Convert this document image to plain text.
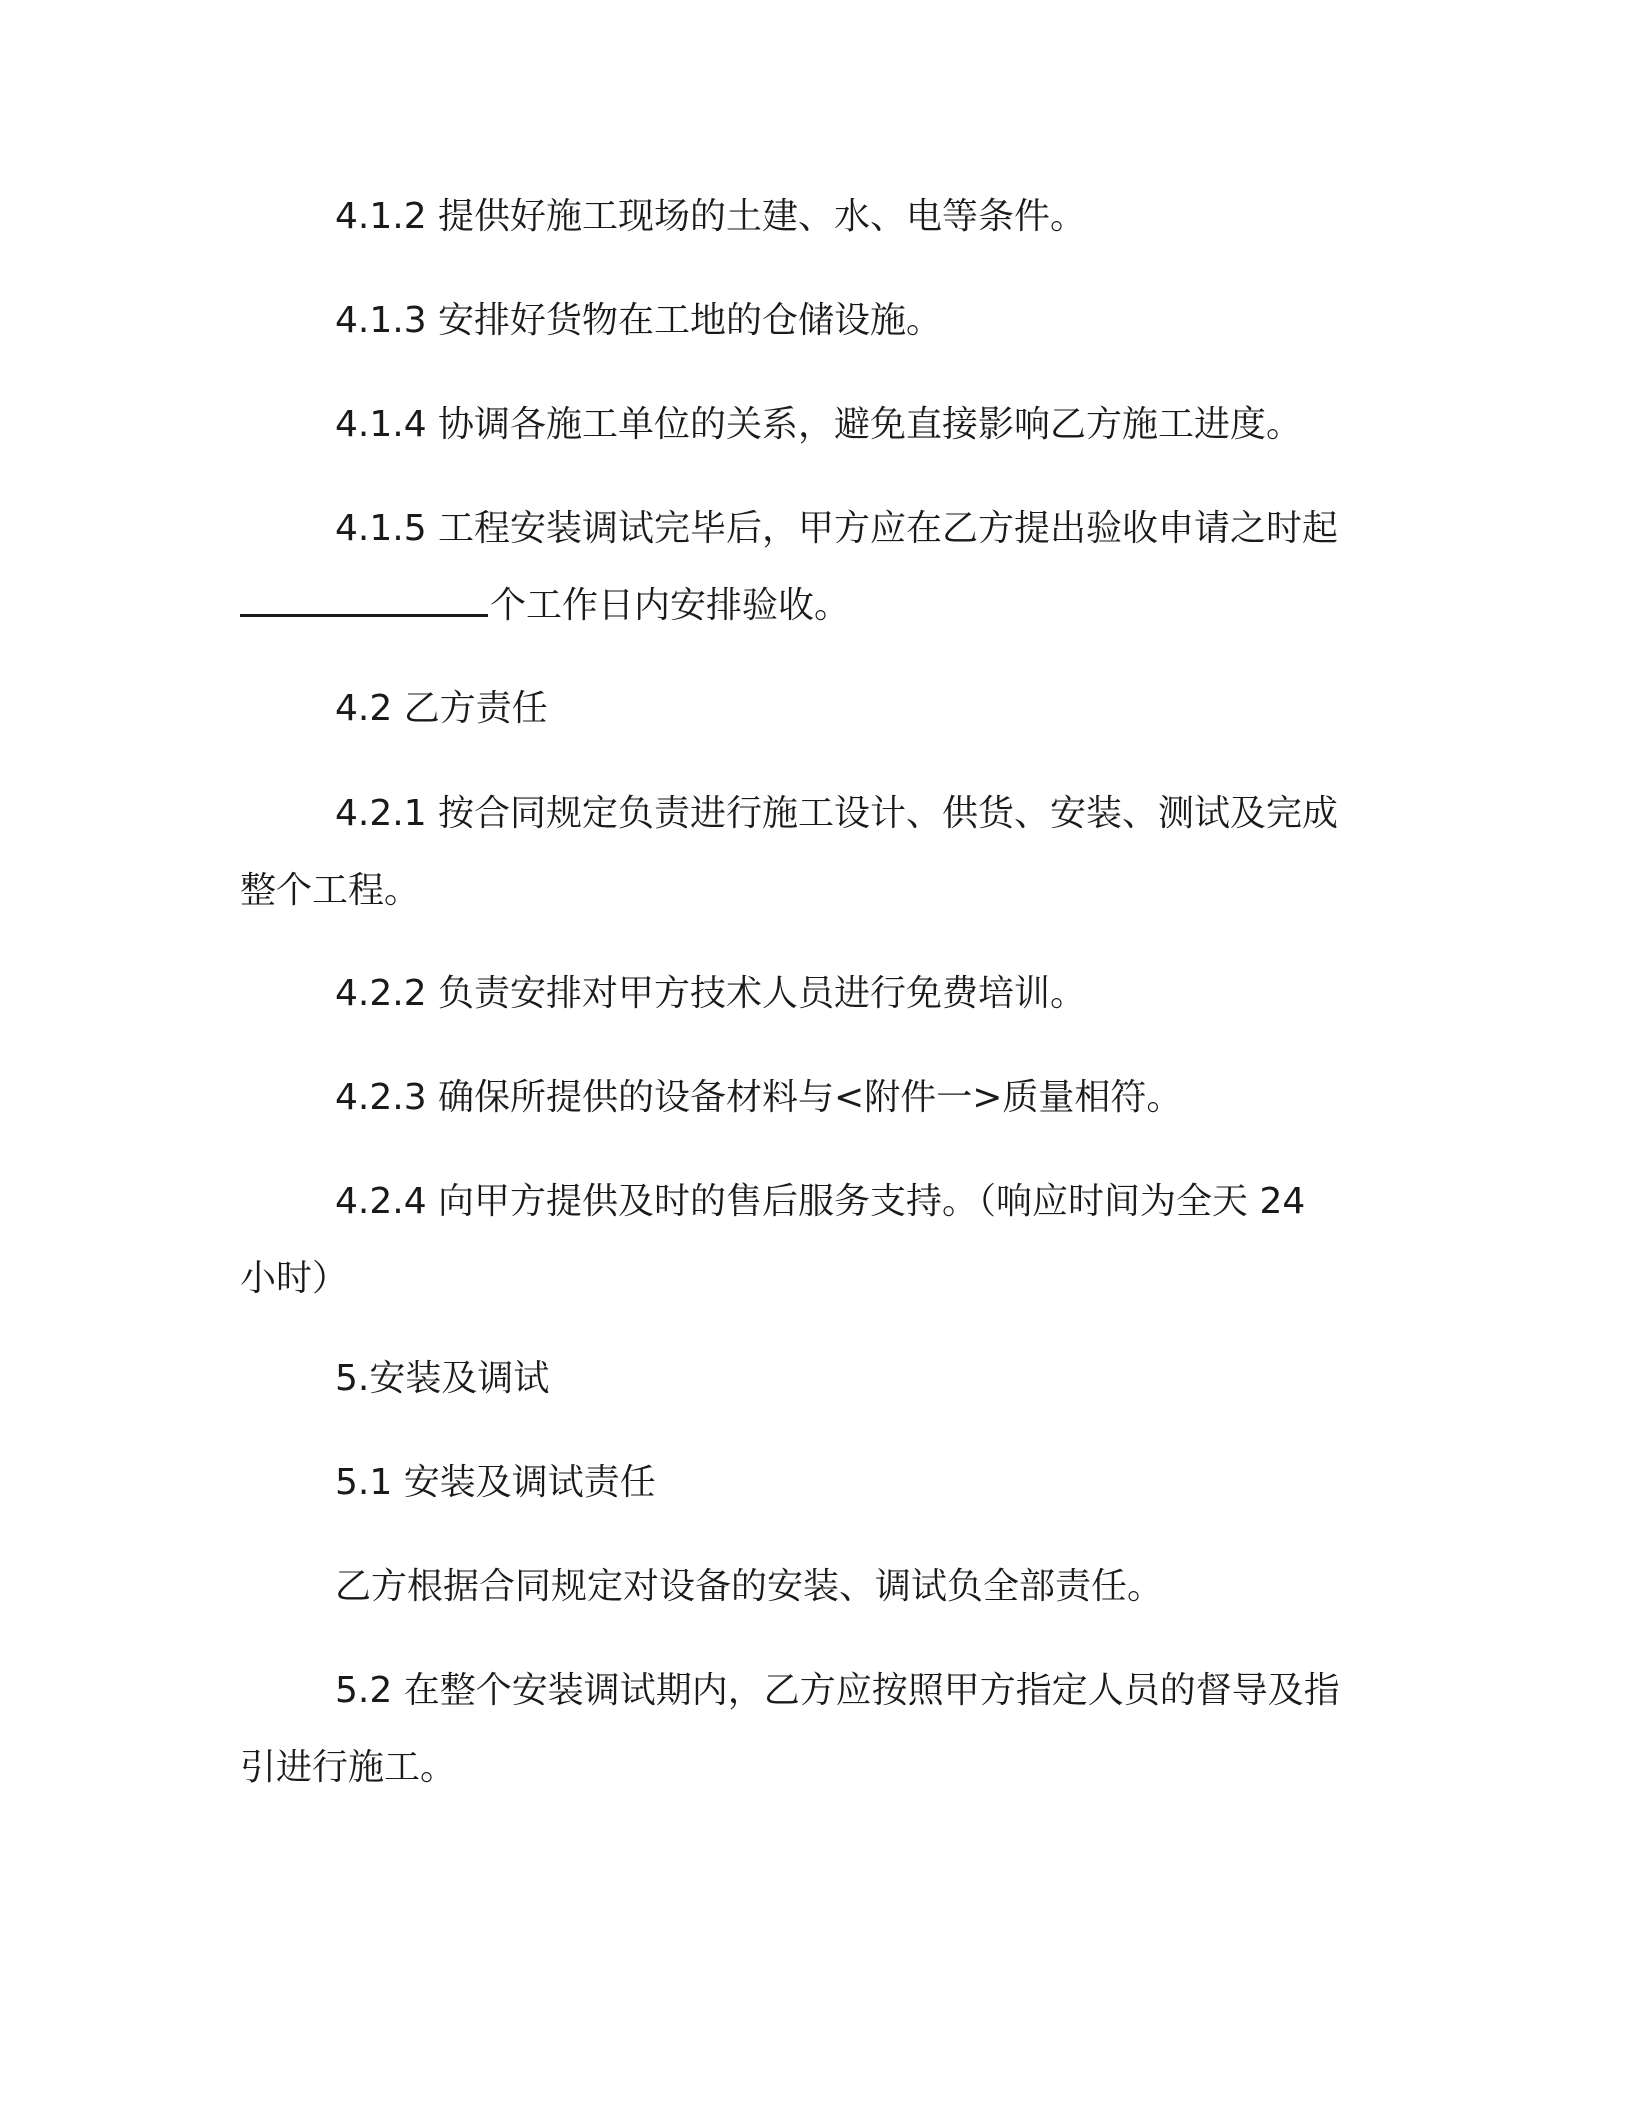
4.1.2 提供好施工现场的土建、水、电等条件。

4.1.3 安排好货物在工地的仓储设施。

4.1.4 协调各施工单位的关系，避免直接影响乙方施工进度。

4.1.5 工程安装调试完毕后，甲方应在乙方提出验收申请之时起
个工作日内安排验收。

4.2 乙方责任

4.2.1 按合同规定负责进行施工设计、供货、安装、测试及完成
整个工程。

4.2.2 负责安排对甲方技术人员进行免费培训。

4.2.3 确保所提供的设备材料与<附件一>质量相符。

4.2.4 向甲方提供及时的售后服务支持。（响应时间为全天 24
小时）

5.安装及调试

5.1 安装及调试责任

乙方根据合同规定对设备的安装、调试负全部责任。

5.2 在整个安装调试期内，乙方应按照甲方指定人员的督导及指
引进行施工。
